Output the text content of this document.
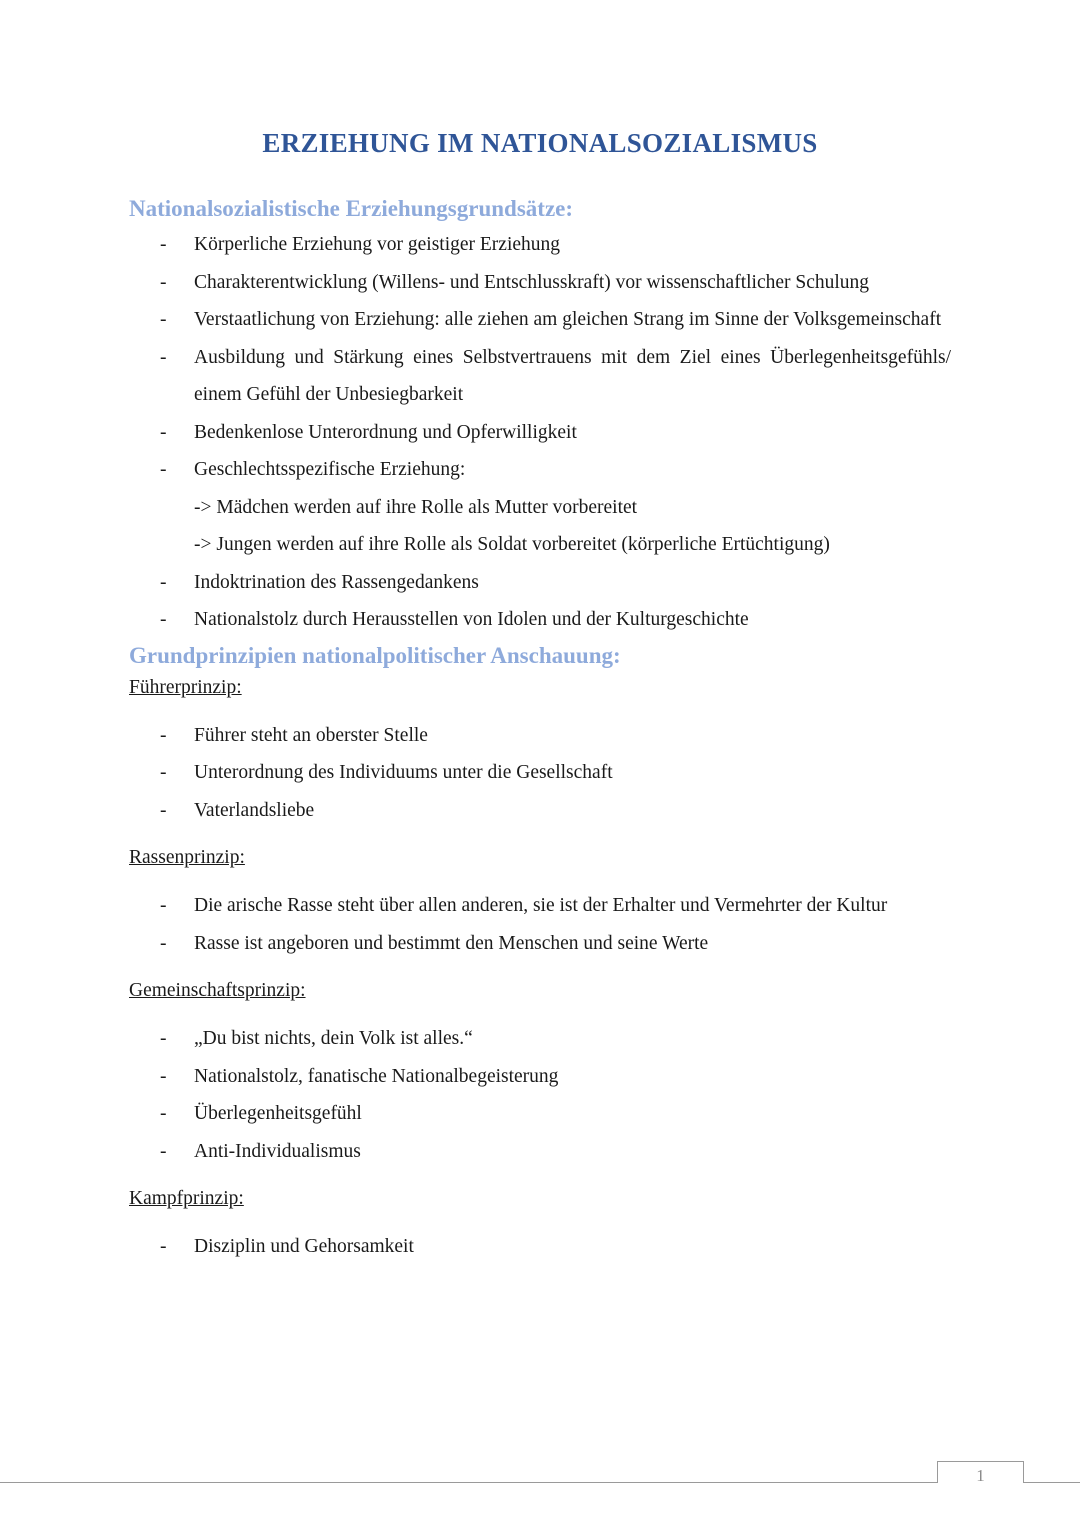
ERZIEHUNG IM NATIONALSOZIALISMUS
Nationalsozialistische Erziehungsgrundsätze:
- Körperliche Erziehung vor geistiger Erziehung
- Charakterentwicklung (Willens- und Entschlusskraft) vor wissenschaftlicher Schulung
- Verstaatlichung von Erziehung: alle ziehen am gleichen Strang im Sinne der Volksgemeinschaft
- Ausbildung und Stärkung eines Selbstvertrauens mit dem Ziel eines Überlegenheitsgefühls/ einem Gefühl der Unbesiegbarkeit
- Bedenkenlose Unterordnung und Opferwilligkeit
- Geschlechtsspezifische Erziehung:
-> Mädchen werden auf ihre Rolle als Mutter vorbereitet
-> Jungen werden auf ihre Rolle als Soldat vorbereitet (körperliche Ertüchtigung)
- Indoktrination des Rassengedankens
- Nationalstolz durch Herausstellen von Idolen und der Kulturgeschichte
Grundprinzipien nationalpolitischer Anschauung:

Führerprinzip:

- Führer steht an oberster Stelle
- Unterordnung des Individuums unter die Gesellschaft
- Vaterlandsliebe

Rassenprinzip:

- Die arische Rasse steht über allen anderen, sie ist der Erhalter und Vermehrter der Kultur
- Rasse ist angeboren und bestimmt den Menschen und seine Werte

Gemeinschaftsprinzip:

- „Du bist nichts, dein Volk ist alles.“
- Nationalstolz, fanatische Nationalbegeisterung
- Überlegenheitsgefühl
- Anti-Individualismus

Kampfprinzip:

- Disziplin und Gehorsamkeit
1
